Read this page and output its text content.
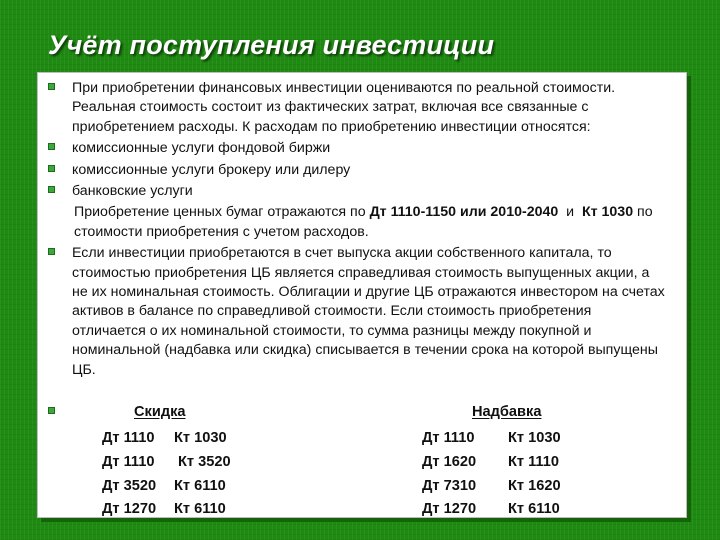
Учёт поступления инвестиции
При приобретении финансовых инвестиции оцениваются по реальной стоимости. Реальная стоимость состоит из фактических затрат, включая все связанные с приобретением расходы. К расходам по приобретению инвестиции относятся:
комиссионные услуги фондовой биржи
комиссионные услуги брокеру или дилеру
банковские услуги
Приобретение ценных бумаг отражаются по Дт 1110-1150 или 2010-2040  и  Кт 1030 по стоимости приобретения с учетом расходов.
Если инвестиции приобретаются в счет выпуска акции собственного капитала, то стоимостью приобретения ЦБ является справедливая стоимость выпущенных акции, а не их номинальная стоимость. Облигации и другие ЦБ отражаются инвестором на счетах активов в балансе по справедливой стоимости. Если стоимость приобретения отличается о их номинальной стоимости, то сумма разницы между покупной и номинальной (надбавка или скидка) списывается в течении срока на которой выпущены ЦБ.
Скидка	Надбавка
Дт 1110 Кт 1030	Дт 1110 Кт 1030
Дт 1110 Кт 3520	Дт 1620 Кт 1110
Дт 3520 Кт 6110	Дт 7310 Кт 1620
Дт 1270 Кт 6110	Дт 1270 Кт 6110
